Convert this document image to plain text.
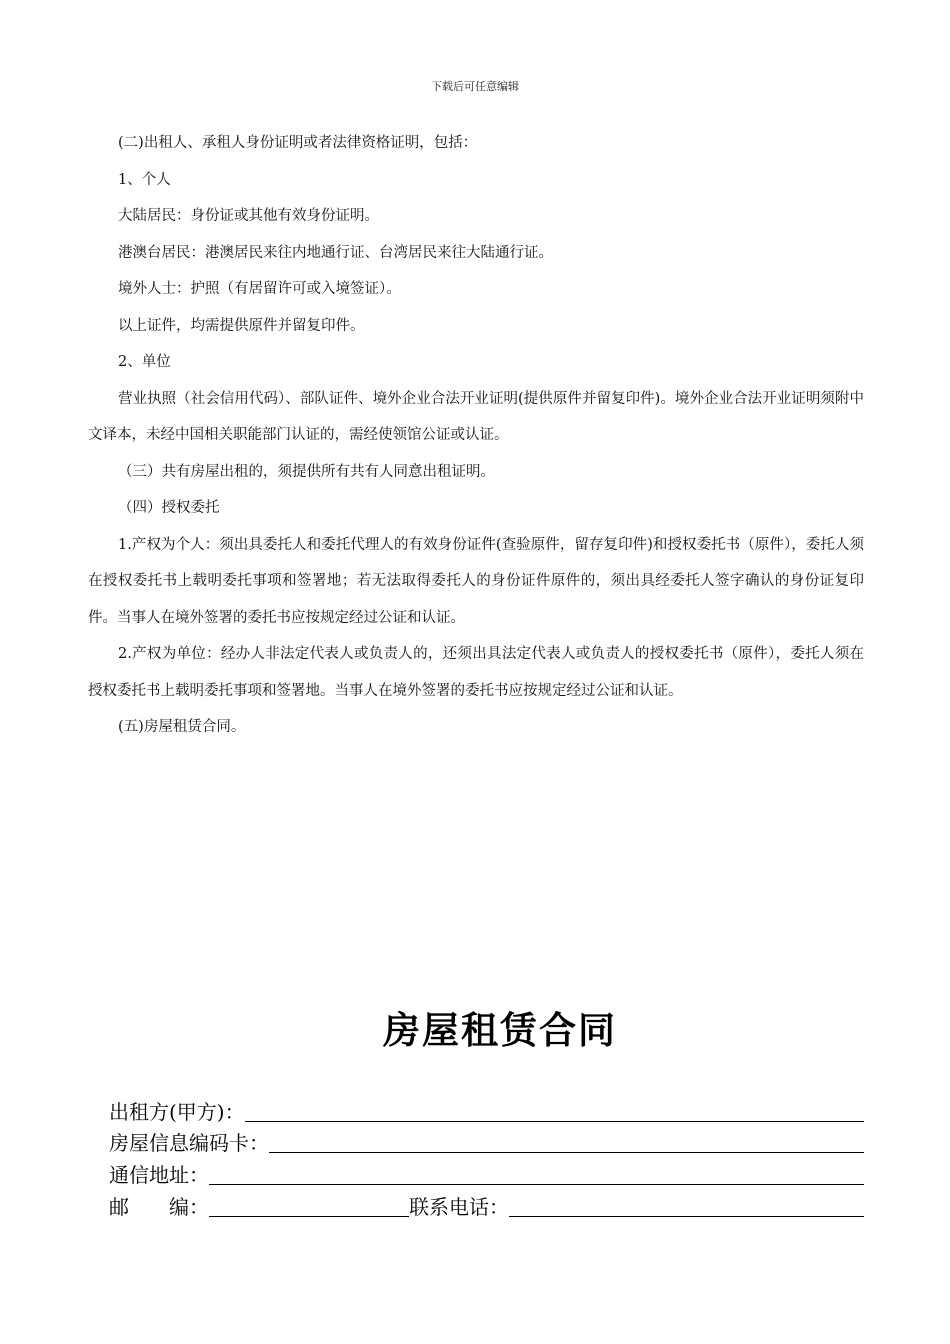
下载后可任意编辑

(二)出租人、承租人身份证明或者法律资格证明，包括：

1、个人

大陆居民：身份证或其他有效身份证明。

港澳台居民：港澳居民来往内地通行证、台湾居民来往大陆通行证。

境外人士：护照（有居留许可或入境签证）。

以上证件，均需提供原件并留复印件。

2、单位

营业执照（社会信用代码）、部队证件、境外企业合法开业证明(提供原件并留复印件)。境外企业合法开业证明须附中文译本，未经中国相关职能部门认证的，需经使领馆公证或认证。

（三）共有房屋出租的，须提供所有共有人同意出租证明。

（四）授权委托

1.产权为个人：须出具委托人和委托代理人的有效身份证件(查验原件，留存复印件)和授权委托书（原件），委托人须在授权委托书上载明委托事项和签署地；若无法取得委托人的身份证件原件的，须出具经委托人签字确认的身份证复印件。当事人在境外签署的委托书应按规定经过公证和认证。

2.产权为单位：经办人非法定代表人或负责人的，还须出具法定代表人或负责人的授权委托书（原件），委托人须在授权委托书上载明委托事项和签署地。当事人在境外签署的委托书应按规定经过公证和认证。

(五)房屋租赁合同。

房屋租赁合同
出租方(甲方)：
房屋信息编码卡：
通信地址：
邮　　编：	联系电话：
